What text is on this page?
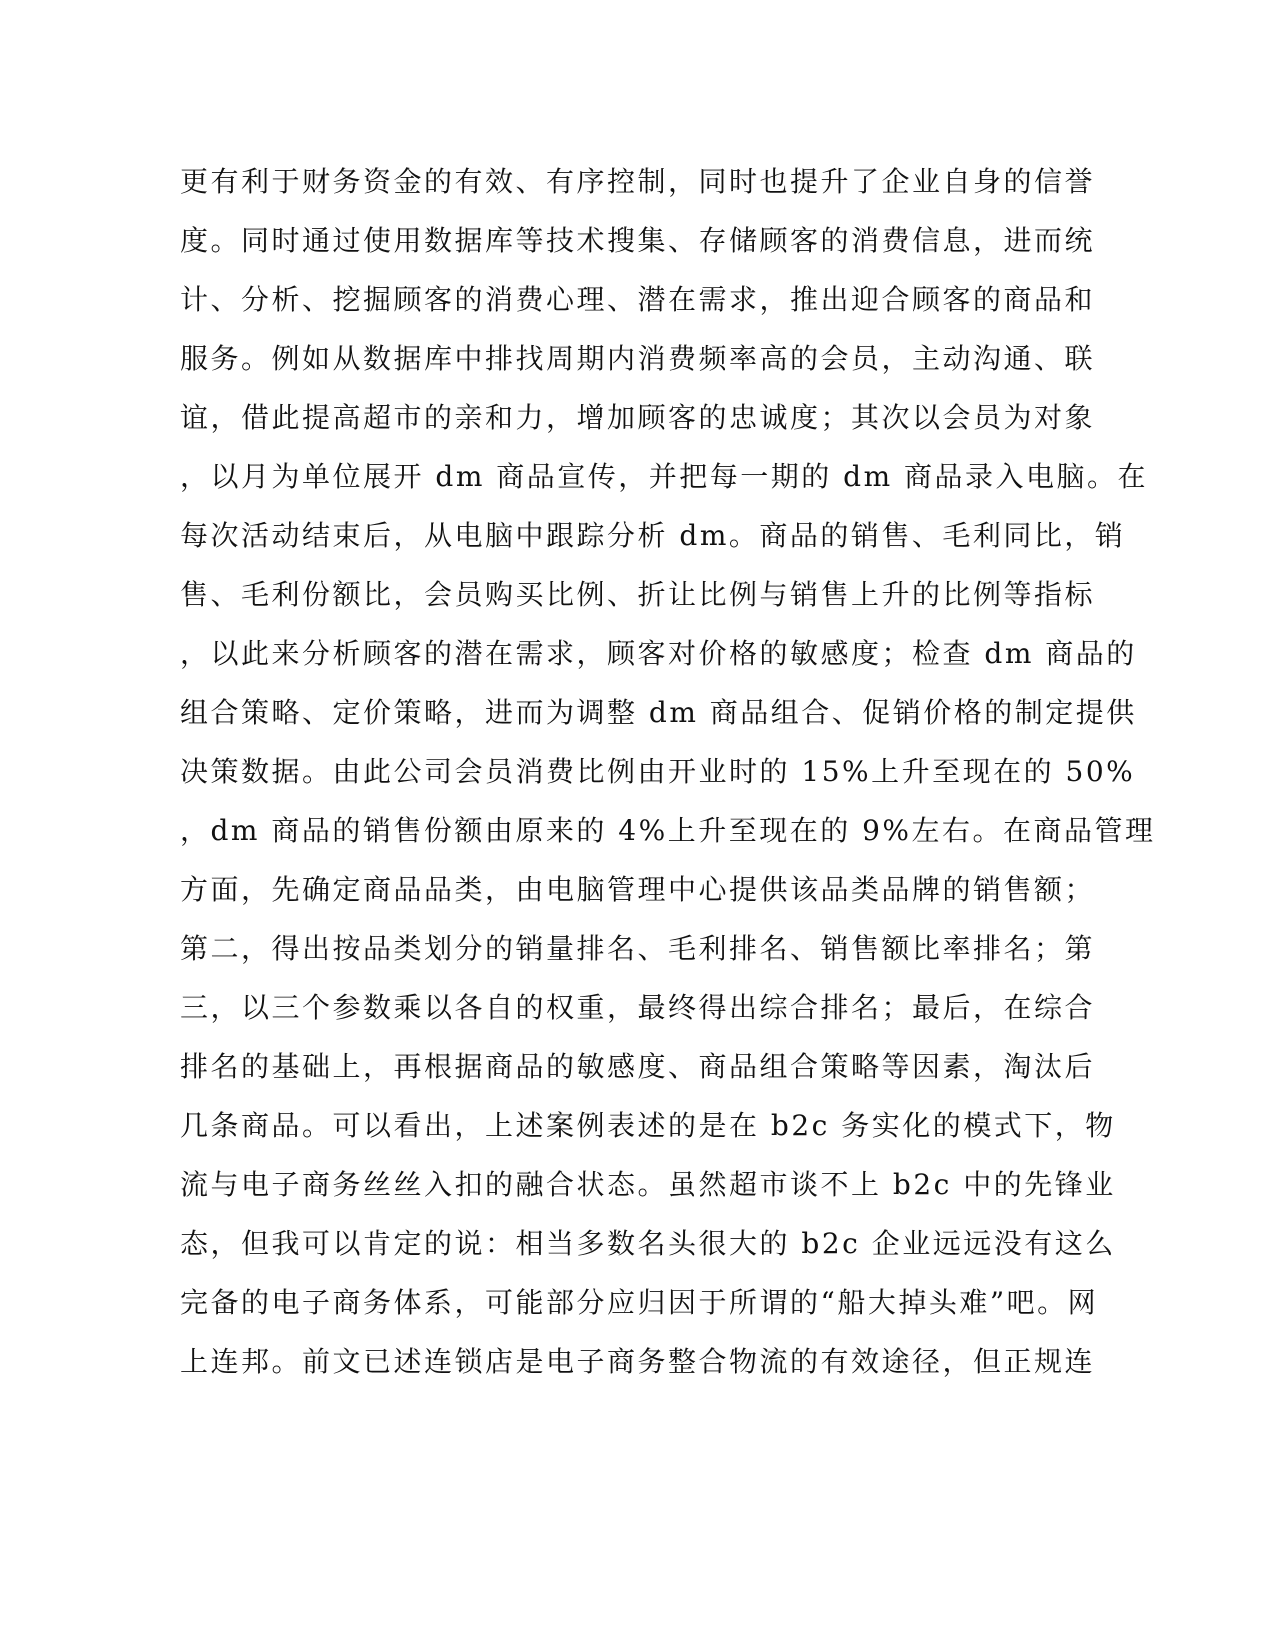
更有利于财务资金的有效、有序控制，同时也提升了企业自身的信誉
度。同时通过使用数据库等技术搜集、存储顾客的消费信息，进而统
计、分析、挖掘顾客的消费心理、潜在需求，推出迎合顾客的商品和
服务。例如从数据库中排找周期内消费频率高的会员，主动沟通、联
谊，借此提高超市的亲和力，增加顾客的忠诚度；其次以会员为对象
，以月为单位展开 dm 商品宣传，并把每一期的 dm 商品录入电脑。在
每次活动结束后，从电脑中跟踪分析 dm。商品的销售、毛利同比，销
售、毛利份额比，会员购买比例、折让比例与销售上升的比例等指标
，以此来分析顾客的潜在需求，顾客对价格的敏感度；检查 dm 商品的
组合策略、定价策略，进而为调整 dm 商品组合、促销价格的制定提供
决策数据。由此公司会员消费比例由开业时的 15%上升至现在的 50%
，dm 商品的销售份额由原来的 4%上升至现在的 9%左右。在商品管理
方面，先确定商品品类，由电脑管理中心提供该品类品牌的销售额；
第二，得出按品类划分的销量排名、毛利排名、销售额比率排名；第
三，以三个参数乘以各自的权重，最终得出综合排名；最后，在综合
排名的基础上，再根据商品的敏感度、商品组合策略等因素，淘汰后
几条商品。可以看出，上述案例表述的是在 b2c 务实化的模式下，物
流与电子商务丝丝入扣的融合状态。虽然超市谈不上 b2c 中的先锋业
态，但我可以肯定的说：相当多数名头很大的 b2c 企业远远没有这么
完备的电子商务体系，可能部分应归因于所谓的“船大掉头难”吧。网
上连邦。前文已述连锁店是电子商务整合物流的有效途径，但正规连
